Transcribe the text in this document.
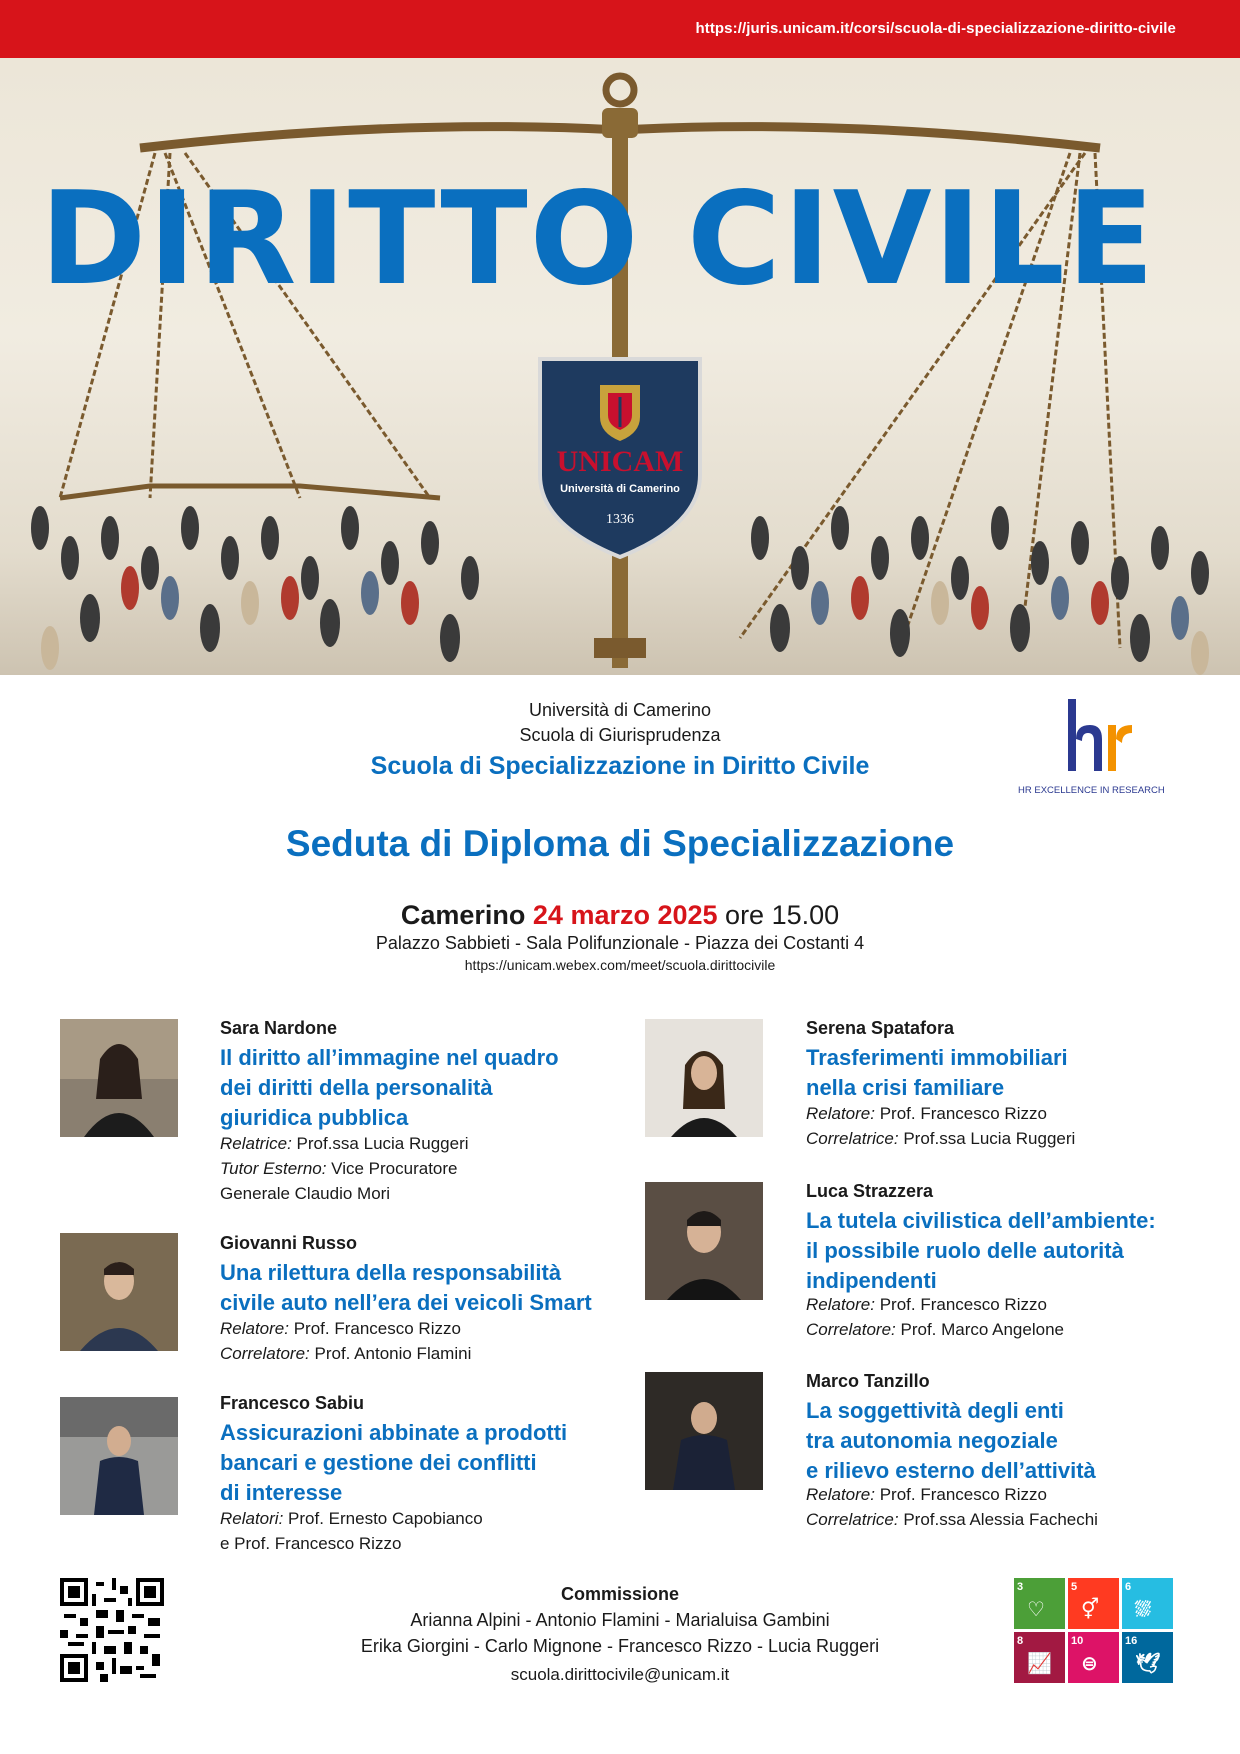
https://juris.unicam.it/corsi/scuola-di-specializzazione-diritto-civile
DIRITTO CIVILE
UNICAM
Università di Camerino
1336
Università di Camerino
Scuola di Giurisprudenza
Scuola di Specializzazione in Diritto Civile
HR EXCELLENCE IN RESEARCH
Seduta di Diploma di Specializzazione
Camerino 24 marzo 2025 ore 15.00
Palazzo Sabbieti - Sala Polifunzionale - Piazza dei Costanti 4
https://unicam.webex.com/meet/scuola.dirittocivile
Sara Nardone
Il diritto all’immagine nel quadro
dei diritti della personalità
giuridica pubblica
Relatrice: Prof.ssa Lucia Ruggeri
Tutor Esterno: Vice Procuratore
Generale Claudio Mori
Giovanni Russo
Una rilettura della responsabilità
civile auto nell’era dei veicoli Smart
Relatore: Prof. Francesco Rizzo
Correlatore: Prof. Antonio Flamini
Francesco Sabiu
Assicurazioni abbinate a prodotti
bancari e gestione dei conflitti
di interesse
Relatori: Prof. Ernesto Capobianco
e Prof. Francesco Rizzo
Serena Spatafora
Trasferimenti immobiliari
nella crisi familiare
Relatore: Prof. Francesco Rizzo
Correlatrice: Prof.ssa Lucia Ruggeri
Luca Strazzera
La tutela civilistica dell’ambiente:
il possibile ruolo delle autorità
indipendenti
Relatore: Prof. Francesco Rizzo
Correlatore: Prof. Marco Angelone
Marco Tanzillo
La soggettività degli enti
tra autonomia negoziale
e rilievo esterno dell’attività
Relatore: Prof. Francesco Rizzo
Correlatrice: Prof.ssa Alessia Fachechi
Commissione
Arianna Alpini - Antonio Flamini - Marialuisa Gambini
Erika Giorgini - Carlo Mignone - Francesco Rizzo - Lucia Ruggeri
scuola.dirittocivile@unicam.it
3
♡
5
⚥
6
⛆
8
📈
10
⊜
16
🕊
